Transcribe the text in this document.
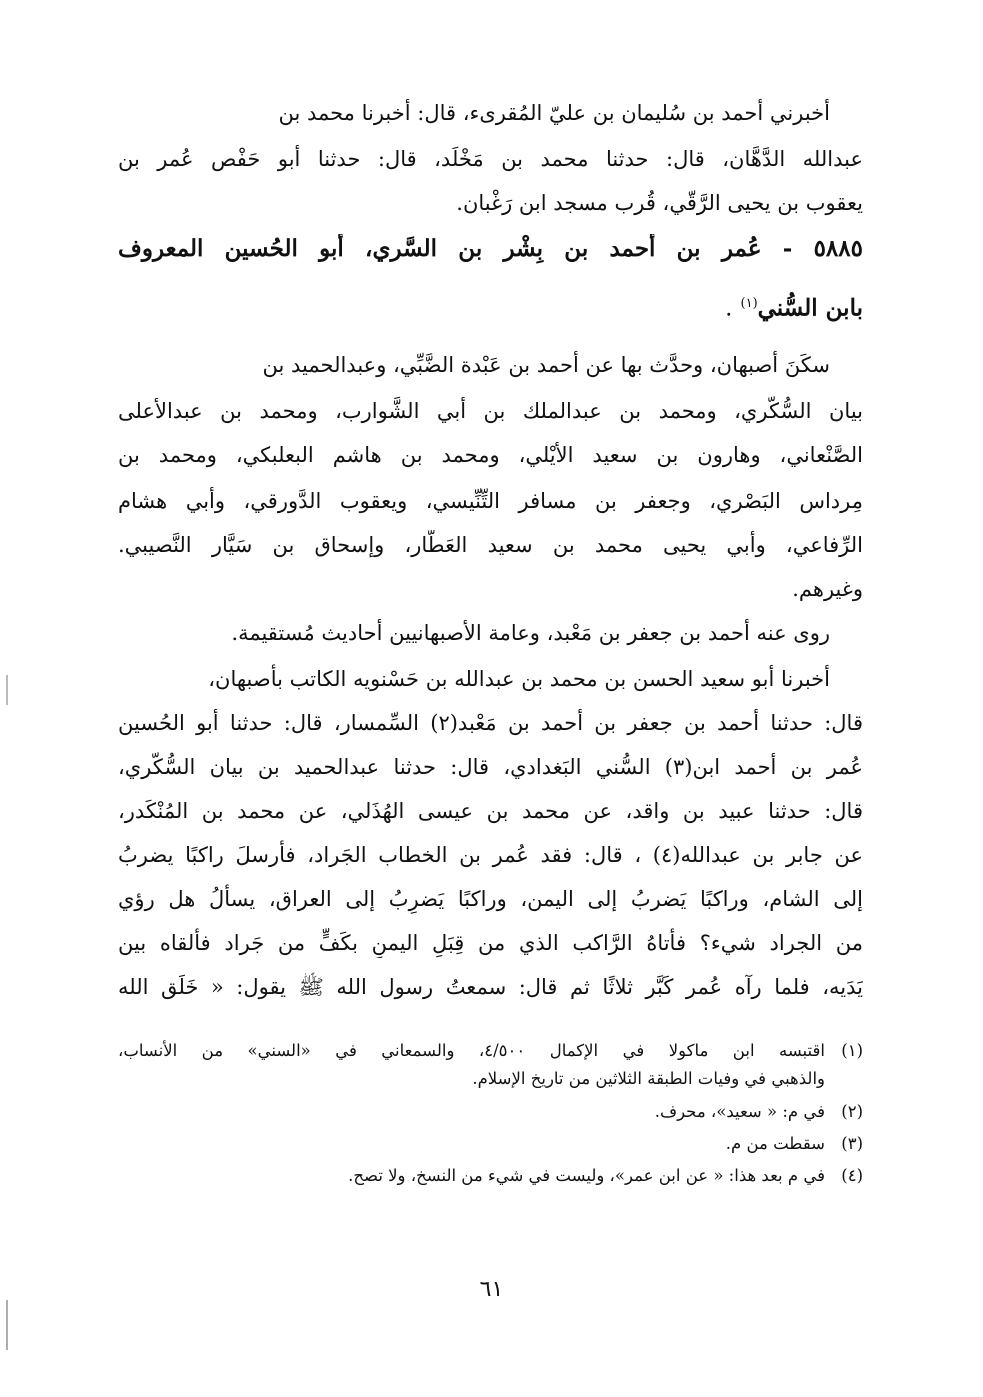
أخبرني أحمد بن سُليمان بن عليّ المُقرىء، قال: أخبرنا محمد بن
عبدالله الدَّهَّان، قال: حدثنا محمد بن مَخْلَد، قال: حدثنا أبو حَفْص عُمر بن
يعقوب بن يحيى الرَّقّي، قُرب مسجد ابن رَغْبان.
٥٨٨٥ - عُمر بن أحمد بن بِشْر بن السَّري، أبو الحُسين المعروف
بابن السُّني$^{(١)}$ .
سكَنَ أصبهان، وحدَّث بها عن أحمد بن عَبْدة الضَّبِّي، وعبدالحميد بن
بيان السُّكَّري، ومحمد بن عبدالملك بن أبي الشَّوارب، ومحمد بن عبدالأعلى
الصَّنْعاني، وهارون بن سعيد الأيْلي، ومحمد بن هاشم البعلبكي، ومحمد بن
مِرداس البَصْري، وجعفر بن مسافر التِّنِّيسي، ويعقوب الدَّورقي، وأبي هشام
الرِّفاعي، وأبي يحيى محمد بن سعيد العَطَّار، وإسحاق بن سَيَّار النَّصيبي.
وغيرهم.
روى عنه أحمد بن جعفر بن مَعْبد، وعامة الأصبهانيين أحاديث مُستقيمة.
أخبرنا أبو سعيد الحسن بن محمد بن عبدالله بن حَسْنويه الكاتب بأصبهان،
قال: حدثنا أحمد بن جعفر بن أحمد بن مَعْبد(٢) السِّمسار، قال: حدثنا أبو الحُسين
عُمر بن أحمد ابن(٣) السُّني البَغدادي، قال: حدثنا عبدالحميد بن بيان السُّكَّري،
قال: حدثنا عبيد بن واقد، عن محمد بن عيسى الهُذَلي، عن محمد بن المُنْكَدر،
عن جابر بن عبدالله(٤) ، قال: فقد عُمر بن الخطاب الجَراد، فأرسلَ راكبًا يضربُ
إلى الشام، وراكبًا يَضربُ إلى اليمن، وراكبًا يَضرِبُ إلى العراق، يسألُ هل رؤي
من الجراد شيء؟ فأتاهُ الرَّاكب الذي من قِبَلِ اليمنِ بكَفٍّ من جَراد فألقاه بين
يَدَيه، فلما رآه عُمر كَبَّر ثلاثًا ثم قال: سمعتُ رسول الله ﷺ يقول: « خَلَق الله
(١)اقتبسه ابن ماكولا في الإكمال ٤/٥٠٠، والسمعاني في «السني» من الأنساب،
والذهبي في وفيات الطبقة الثلاثين من تاريخ الإسلام.
(٢)في م: « سعيد»، محرف.
(٣)سقطت من م.
(٤)في م بعد هذا: « عن ابن عمر»، وليست في شيء من النسخ، ولا تصح.
٦١
